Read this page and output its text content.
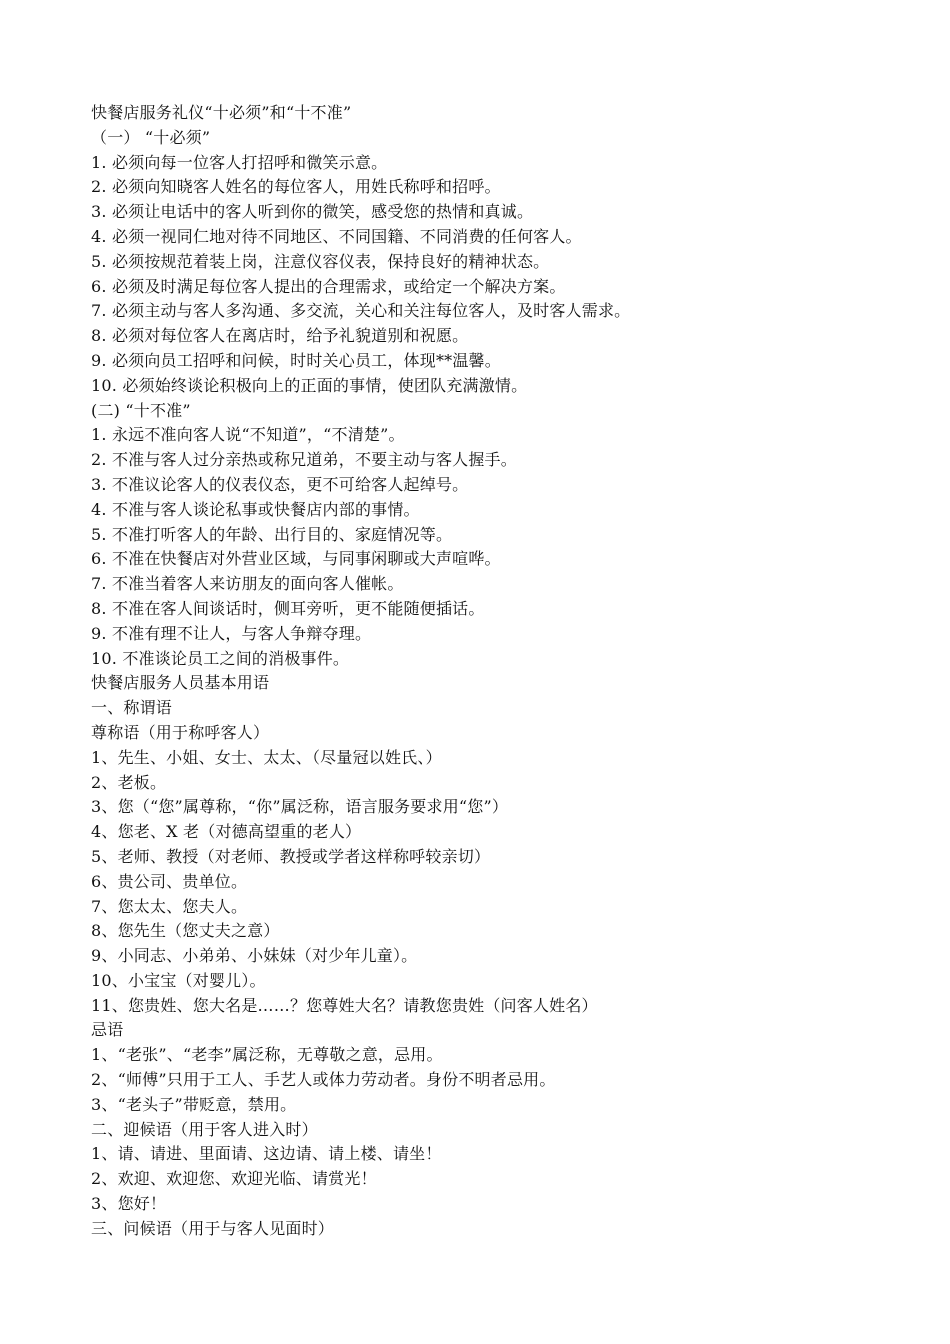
快餐店服务礼仪“十必须”和“十不准”
（一） “十必须”
1. 必须向每一位客人打招呼和微笑示意。
2. 必须向知晓客人姓名的每位客人，用姓氏称呼和招呼。
3. 必须让电话中的客人听到你的微笑，感受您的热情和真诚。
4. 必须一视同仁地对待不同地区、不同国籍、不同消费的任何客人。
5. 必须按规范着装上岗，注意仪容仪表，保持良好的精神状态。
6. 必须及时满足每位客人提出的合理需求，或给定一个解决方案。
7. 必须主动与客人多沟通、多交流，关心和关注每位客人，及时客人需求。
8. 必须对每位客人在离店时，给予礼貌道别和祝愿。
9. 必须向员工招呼和问候，时时关心员工，体现**温馨。
10. 必须始终谈论积极向上的正面的事情，使团队充满激情。
(二) “十不准”
1. 永远不准向客人说“不知道”，“不清楚”。
2. 不准与客人过分亲热或称兄道弟，不要主动与客人握手。
3. 不准议论客人的仪表仪态，更不可给客人起绰号。
4. 不准与客人谈论私事或快餐店内部的事情。
5. 不准打听客人的年龄、出行目的、家庭情况等。
6. 不准在快餐店对外营业区域，与同事闲聊或大声喧哗。
7. 不准当着客人来访朋友的面向客人催帐。
8. 不准在客人间谈话时，侧耳旁听，更不能随便插话。
9. 不准有理不让人，与客人争辩夺理。
10. 不准谈论员工之间的消极事件。
快餐店服务人员基本用语
一、称谓语
尊称语（用于称呼客人）
1、先生、小姐、女士、太太、（尽量冠以姓氏、）
2、老板。
3、您（“您”属尊称，“你”属泛称，语言服务要求用“您”）
4、您老、X 老（对德高望重的老人）
5、老师、教授（对老师、教授或学者这样称呼较亲切）
6、贵公司、贵单位。
7、您太太、您夫人。
8、您先生（您丈夫之意）
9、小同志、小弟弟、小妹妹（对少年儿童）。
10、小宝宝（对婴儿）。
11、您贵姓、您大名是……？您尊姓大名？请教您贵姓（问客人姓名）
忌语
1、“老张”、“老李”属泛称，无尊敬之意，忌用。
2、“师傅”只用于工人、手艺人或体力劳动者。身份不明者忌用。
3、“老头子”带贬意，禁用。
二、迎候语（用于客人进入时）
1、请、请进、里面请、这边请、请上楼、请坐！
2、欢迎、欢迎您、欢迎光临、请赏光！
3、您好！
三、问候语（用于与客人见面时）
